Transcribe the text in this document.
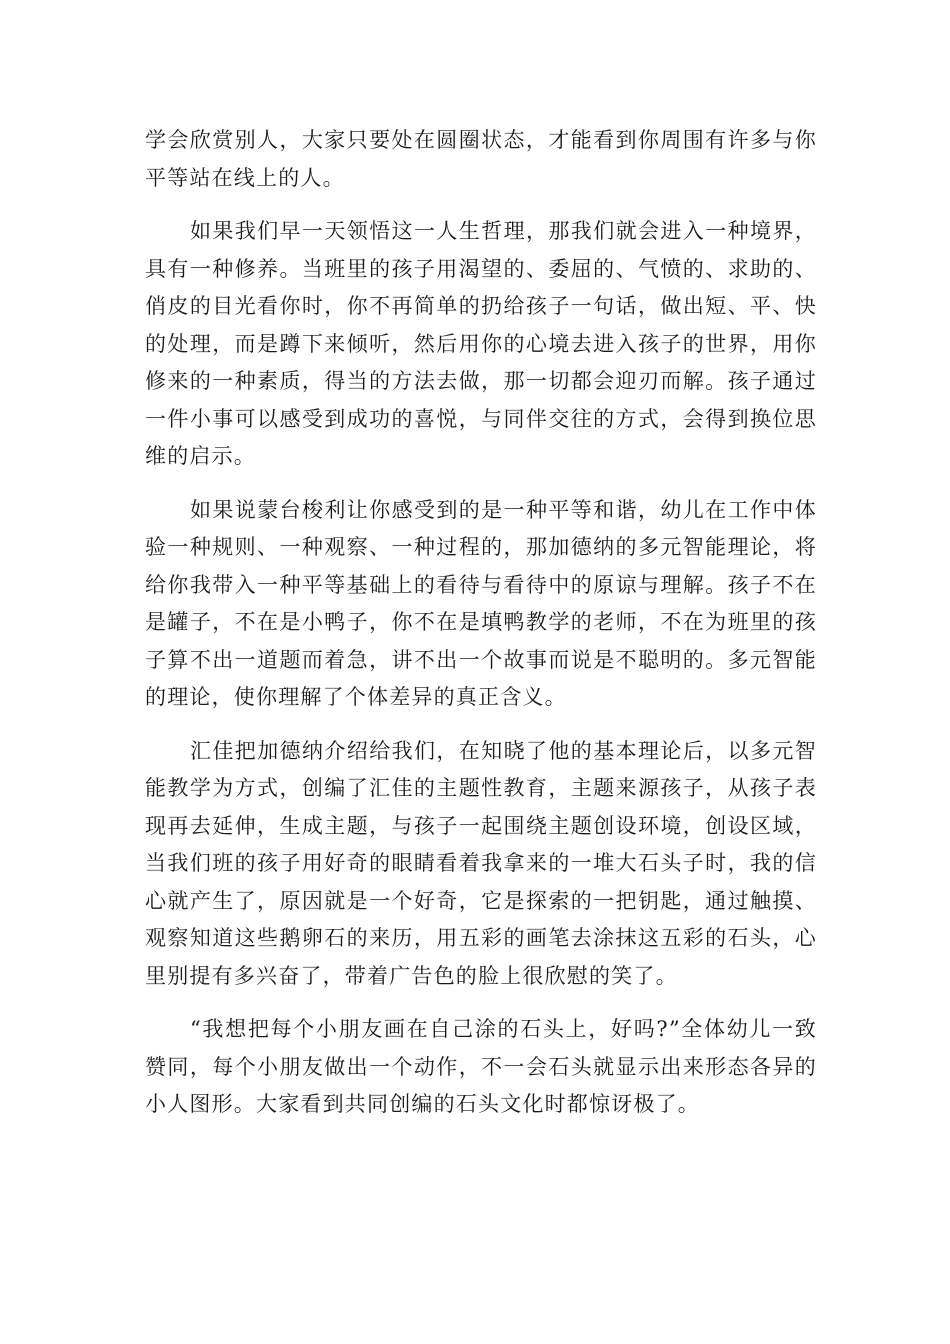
学会欣赏别人，大家只要处在圆圈状态，才能看到你周围有许多与你平等站在线上的人。

如果我们早一天领悟这一人生哲理，那我们就会进入一种境界，具有一种修养。当班里的孩子用渴望的、委屈的、气愤的、求助的、俏皮的目光看你时，你不再简单的扔给孩子一句话，做出短、平、快的处理，而是蹲下来倾听，然后用你的心境去进入孩子的世界，用你修来的一种素质，得当的方法去做，那一切都会迎刃而解。孩子通过一件小事可以感受到成功的喜悦，与同伴交往的方式，会得到换位思维的启示。

如果说蒙台梭利让你感受到的是一种平等和谐，幼儿在工作中体验一种规则、一种观察、一种过程的，那加德纳的多元智能理论，将给你我带入一种平等基础上的看待与看待中的原谅与理解。孩子不在是罐子，不在是小鸭子，你不在是填鸭教学的老师，不在为班里的孩子算不出一道题而着急，讲不出一个故事而说是不聪明的。多元智能的理论，使你理解了个体差异的真正含义。

汇佳把加德纳介绍给我们，在知晓了他的基本理论后，以多元智能教学为方式，创编了汇佳的主题性教育，主题来源孩子，从孩子表现再去延伸，生成主题，与孩子一起围绕主题创设环境，创设区域，当我们班的孩子用好奇的眼睛看着我拿来的一堆大石头子时，我的信心就产生了，原因就是一个好奇，它是探索的一把钥匙，通过触摸、观察知道这些鹅卵石的来历，用五彩的画笔去涂抹这五彩的石头，心里别提有多兴奋了，带着广告色的脸上很欣慰的笑了。

“我想把每个小朋友画在自己涂的石头上，好吗?”全体幼儿一致赞同，每个小朋友做出一个动作，不一会石头就显示出来形态各异的小人图形。大家看到共同创编的石头文化时都惊讶极了。
